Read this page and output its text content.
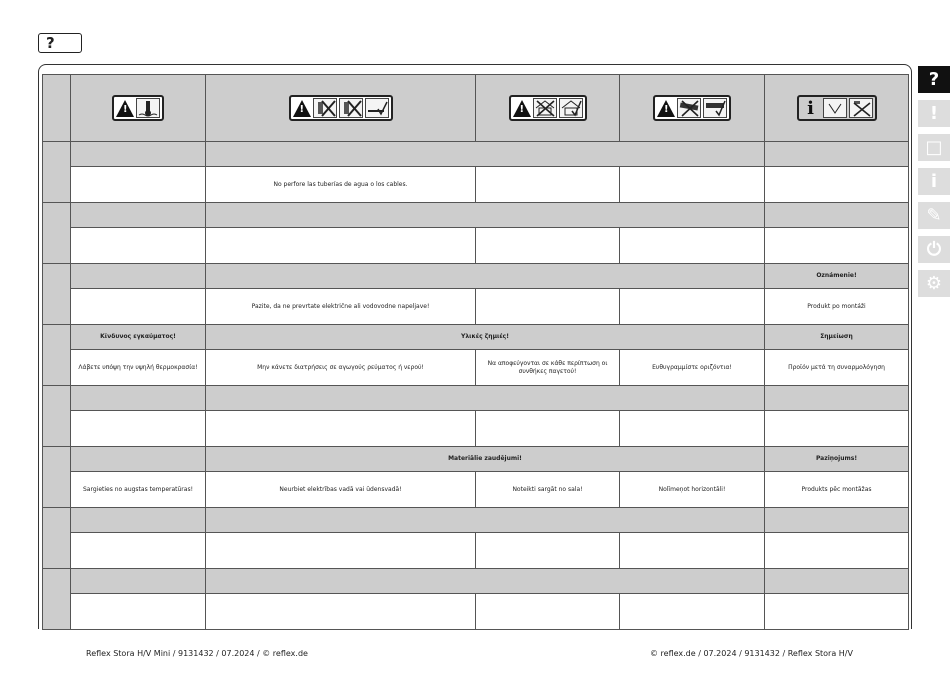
?

	!	!	!	!	i

		No perfore las tuberías de agua o los cables.			

					Oznámenie!
		Pazite, da ne prevrtate električne ali vodovodne napeljave!			Produkt po montáži
	Κίνδυνος εγκαύματος!	Υλικές ζημιές!			Σημείωση
	Λάβετε υπόψη την υψηλή θερμοκρασία!	Μην κάνετε διατρήσεις σε αγωγούς ρεύματος ή νερού!	Να αποφεύγονται σε κάθε περίπτωση οι συνθήκες παγετού!	Ευθυγραμμίστε οριζόντια!	Προϊόν μετά τη συναρμολόγηση

		Materiālie zaudējumi!			Paziņojums!
	Sargieties no augstas temperatūras!	Neurbiet elektrības vadā vai ūdensvadā!	Noteikti sargāt no sala!	Nolīmeņot horizontāli!	Produkts pēc montāžas

?
!
□
i
✎
⏻
⚙
Reflex Stora H/V Mini / 9131432 / 07.2024 / © reflex.de	© reflex.de / 07.2024 / 9131432 / Reflex Stora H/V
